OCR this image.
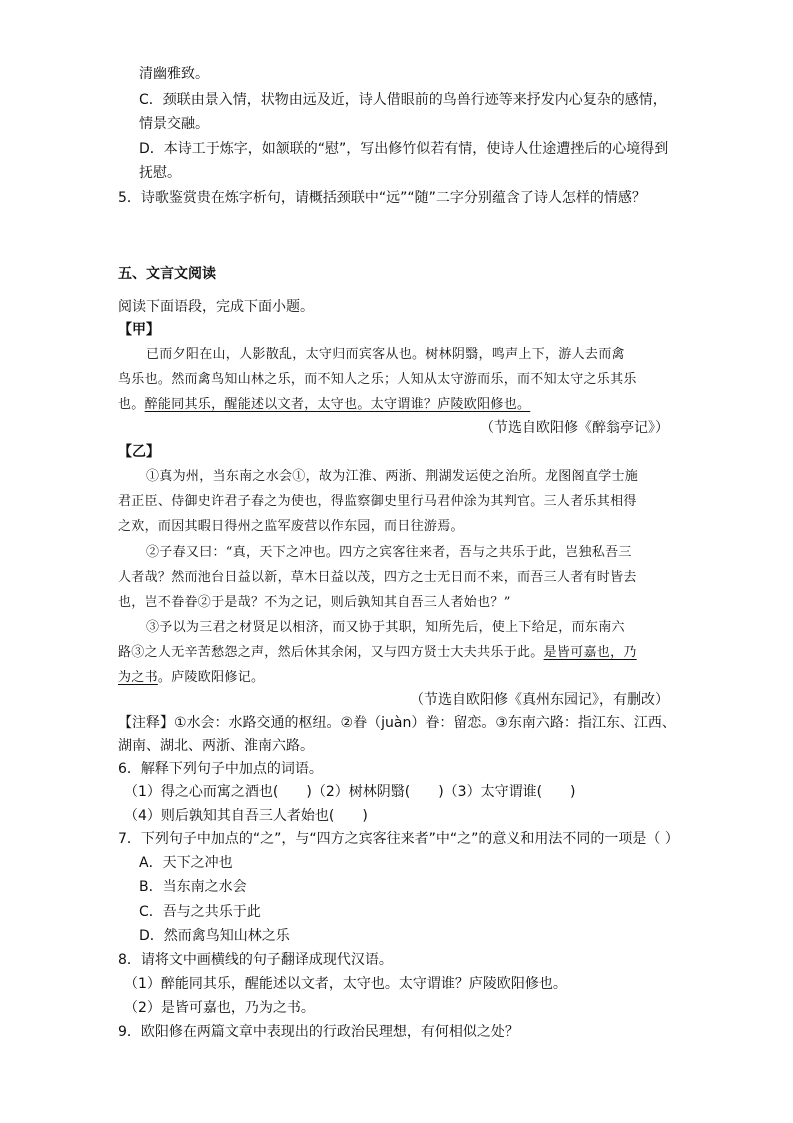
清幽雅致。
C．颈联由景入情，状物由远及近，诗人借眼前的鸟兽行迹等来抒发内心复杂的感情，
情景交融。
D．本诗工于炼字，如颔联的“慰”，写出修竹似若有情，使诗人仕途遭挫后的心境得到
抚慰。
5．诗歌鉴赏贵在炼字析句，请概括颈联中“远”“随”二字分别蕴含了诗人怎样的情感？
五、文言文阅读
阅读下面语段，完成下面小题。
【甲】
已而夕阳在山，人影散乱，太守归而宾客从也。树林阴翳，鸣声上下，游人去而禽
鸟乐也。然而禽鸟知山林之乐，而不知人之乐；人知从太守游而乐，而不知太守之乐其乐
也。醉能同其乐，醒能述以文者，太守也。太守谓谁？庐陵欧阳修也。
（节选自欧阳修《醉翁亭记》）
【乙】
①真为州，当东南之水会①，故为江淮、两浙、荆湖发运使之治所。龙图阁直学士施
君正臣、侍御史许君子春之为使也，得监察御史里行马君仲涂为其判官。三人者乐其相得
之欢，而因其暇日得州之监军废营以作东园，而日往游焉。
②子春又曰：“真，天下之冲也。四方之宾客往来者，吾与之共乐于此，岂独私吾三
人者哉？然而池台日益以新，草木日益以茂，四方之士无日而不来，而吾三人者有时皆去
也，岂不眷眷②于是哉？不为之记，则后孰知其自吾三人者始也？”
③予以为三君之材贤足以相济，而又协于其职，知所先后，使上下给足，而东南六
路③之人无辛苦愁怨之声，然后休其余闲，又与四方贤士大夫共乐于此。是皆可嘉也，乃
为之书。庐陵欧阳修记。
（节选自欧阳修《真州东园记》，有删改）
【注释】①水会：水路交通的枢纽。②眷（juàn）眷：留恋。③东南六路：指江东、江西、
湖南、湖北、两浙、淮南六路。
6．解释下列句子中加点的词语。
（1）得之心而寓之酒也(　　)（2）树林阴翳(　　)（3）太守谓谁(　　)
（4）则后孰知其自吾三人者始也(　　)
7．下列句子中加点的“之”，与“四方之宾客往来者”中“之”的意义和用法不同的一项是（ ）
A．天下之冲也
B．当东南之水会
C．吾与之共乐于此
D．然而禽鸟知山林之乐
8．请将文中画横线的句子翻译成现代汉语。
（1）醉能同其乐，醒能述以文者，太守也。太守谓谁？庐陵欧阳修也。
（2）是皆可嘉也，乃为之书。
9．欧阳修在两篇文章中表现出的行政治民理想，有何相似之处？
